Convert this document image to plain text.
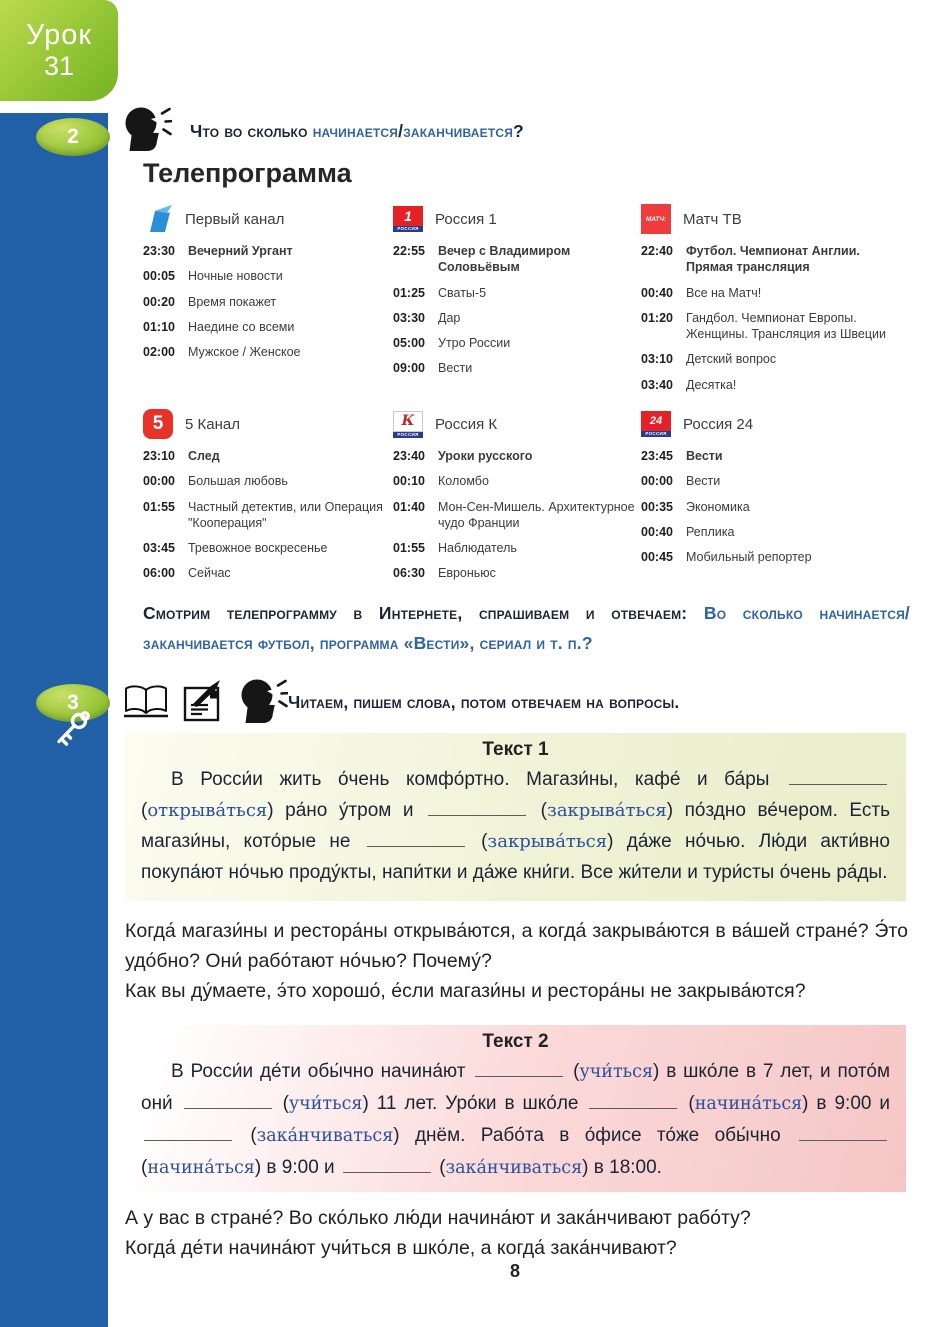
Урок
31
2
3
Что во сколько начинается/заканчивается?
Телепрограмма
Первый канал
23:30	Вечерний Ургант
00:05	Ночные новости
00:20	Время покажет
01:10	Наедине со всеми
02:00	Мужское / Женское
1
РОССИЯ
Россия 1
22:55	Вечер с Владимиром Соловьёвым
01:25	Сваты-5
03:30	Дар
05:00	Утро России
09:00	Вести
МАТЧ:	Матч ТВ
22:40	Футбол. Чемпионат Англии. Прямая трансляция
00:40	Все на Матч!
01:20	Гандбол. Чемпионат Европы. Женщины. Трансляция из Швеции
03:10	Детский вопрос
03:40	Десятка!
5	5 Канал
23:10	След
00:00	Большая любовь
01:55	Частный детектив, или Операция "Кооперация"
03:45	Тревожное воскресенье
06:00	Сейчас
К
РОССИЯ
Россия К
23:40	Уроки русского
00:10	Коломбо
01:40	Мон-Сен-Мишель. Архитектурное чудо Франции
01:55	Наблюдатель
06:30	Евроньюс
24
РОССИЯ
Россия 24
23:45	Вести
00:00	Вести
00:35	Экономика
00:40	Реплика
00:45	Мобильный репортер
Смотрим телепрограмму в Интернете, спрашиваем и отвечаем: Во сколько начинается/
заканчивается футбол, программа «Вести», сериал и т. п.?
Читаем, пишем слова, потом отвечаем на вопросы.
Текст 1

В Росси́и жить о́чень комфо́ртно. Магази́ны, кафе́ и ба́ры  (открыва́ться) ра́но у́тром и	(закрыва́ться) по́здно ве́чером. Есть магази́ны, кото́рые не	(закрыва́ться) да́же но́чью. Лю́ди акти́вно покупа́ют но́чью проду́кты, напи́тки и да́же кни́ги. Все жи́тели и тури́сты о́чень ра́ды.

Когда́ магази́ны и рестора́ны открыва́ются, а когда́ закрыва́ются в ва́шей стране́? Э́то удо́бно? Они́ рабо́тают но́чью? Почему́?

Как вы ду́маете, э́то хорошо́, е́сли магази́ны и рестора́ны не закрыва́ются?

Текст 2

В Росси́и де́ти обы́чно начина́ют	(учи́ться) в шко́ле в 7 лет, и пото́м они́	(учи́ться) 11 лет. Уро́ки в шко́ле	(начина́ться) в 9:00 и  (зака́нчиваться) днём. Рабо́та в о́фисе то́же обы́чно  (начина́ться) в 9:00 и	(зака́нчиваться) в 18:00.

А у вас в стране́? Во ско́лько лю́ди начина́ют и зака́нчивают рабо́ту?

Когда́ де́ти начина́ют учи́ться в шко́ле, а когда́ зака́нчивают?

8
